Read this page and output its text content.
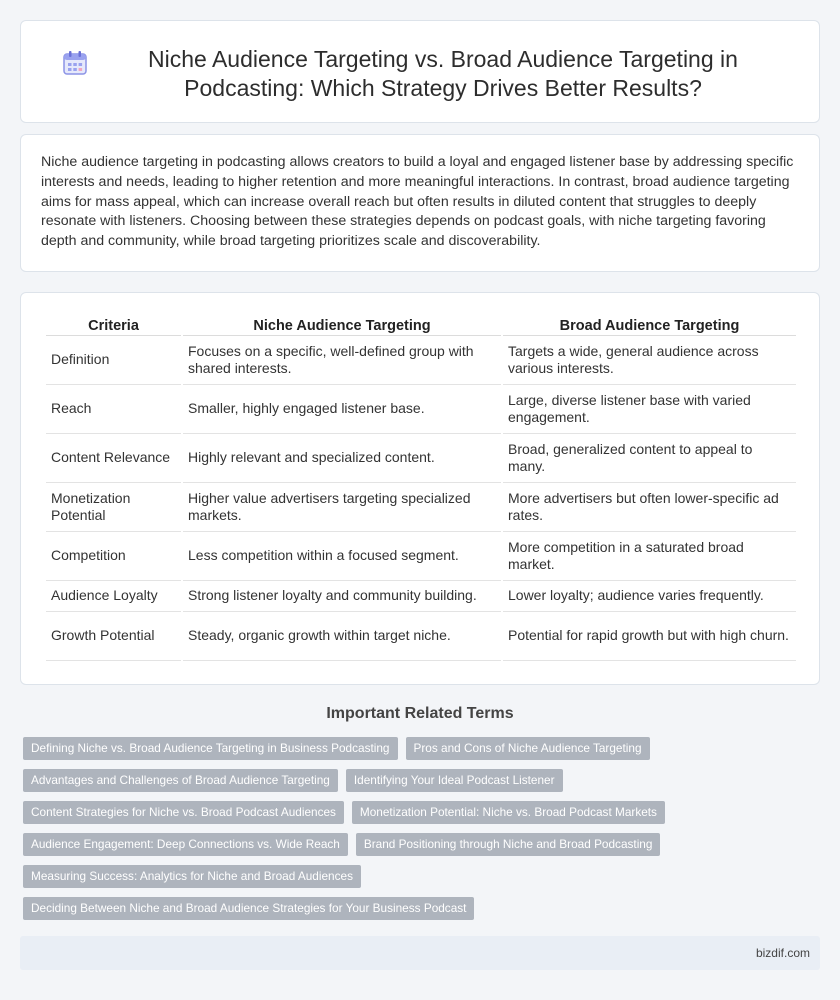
Niche Audience Targeting vs. Broad Audience Targeting in Podcasting: Which Strategy Drives Better Results?

Niche audience targeting in podcasting allows creators to build a loyal and engaged listener base by addressing specific interests and needs, leading to higher retention and more meaningful interactions. In contrast, broad audience targeting aims for mass appeal, which can increase overall reach but often results in diluted content that struggles to deeply resonate with listeners. Choosing between these strategies depends on podcast goals, with niche targeting favoring depth and community, while broad targeting prioritizes scale and discoverability.

Criteria	Niche Audience Targeting	Broad Audience Targeting
Definition	Focuses on a specific, well-defined group with shared interests.	Targets a wide, general audience across various interests.
Reach	Smaller, highly engaged listener base.	Large, diverse listener base with varied engagement.
Content Relevance	Highly relevant and specialized content.	Broad, generalized content to appeal to many.
Monetization Potential	Higher value advertisers targeting specialized markets.	More advertisers but often lower-specific ad rates.
Competition	Less competition within a focused segment.	More competition in a saturated broad market.
Audience Loyalty	Strong listener loyalty and community building.	Lower loyalty; audience varies frequently.
Growth Potential	Steady, organic growth within target niche.	Potential for rapid growth but with high churn.
Important Related Terms
Defining Niche vs. Broad Audience Targeting in Business Podcasting	Pros and Cons of Niche Audience Targeting
Advantages and Challenges of Broad Audience Targeting	Identifying Your Ideal Podcast Listener
Content Strategies for Niche vs. Broad Podcast Audiences	Monetization Potential: Niche vs. Broad Podcast Markets
Audience Engagement: Deep Connections vs. Wide Reach	Brand Positioning through Niche and Broad Podcasting
Measuring Success: Analytics for Niche and Broad Audiences
Deciding Between Niche and Broad Audience Strategies for Your Business Podcast
bizdif.com
